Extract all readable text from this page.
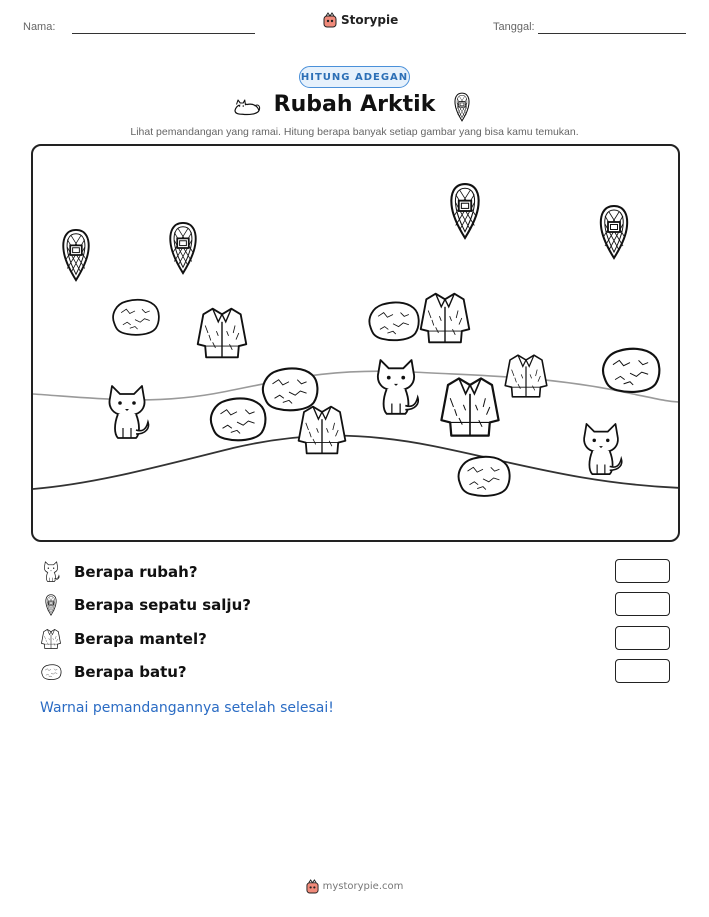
Nama:	Storypie	Tanggal:
HITUNG ADEGAN
Rubah Arktik
Lihat pemandangan yang ramai. Hitung berapa banyak setiap gambar yang bisa kamu temukan.
Berapa rubah?
Berapa sepatu salju?
Berapa mantel?
Berapa batu?
Warnai pemandangannya setelah selesai!
mystorypie.com
